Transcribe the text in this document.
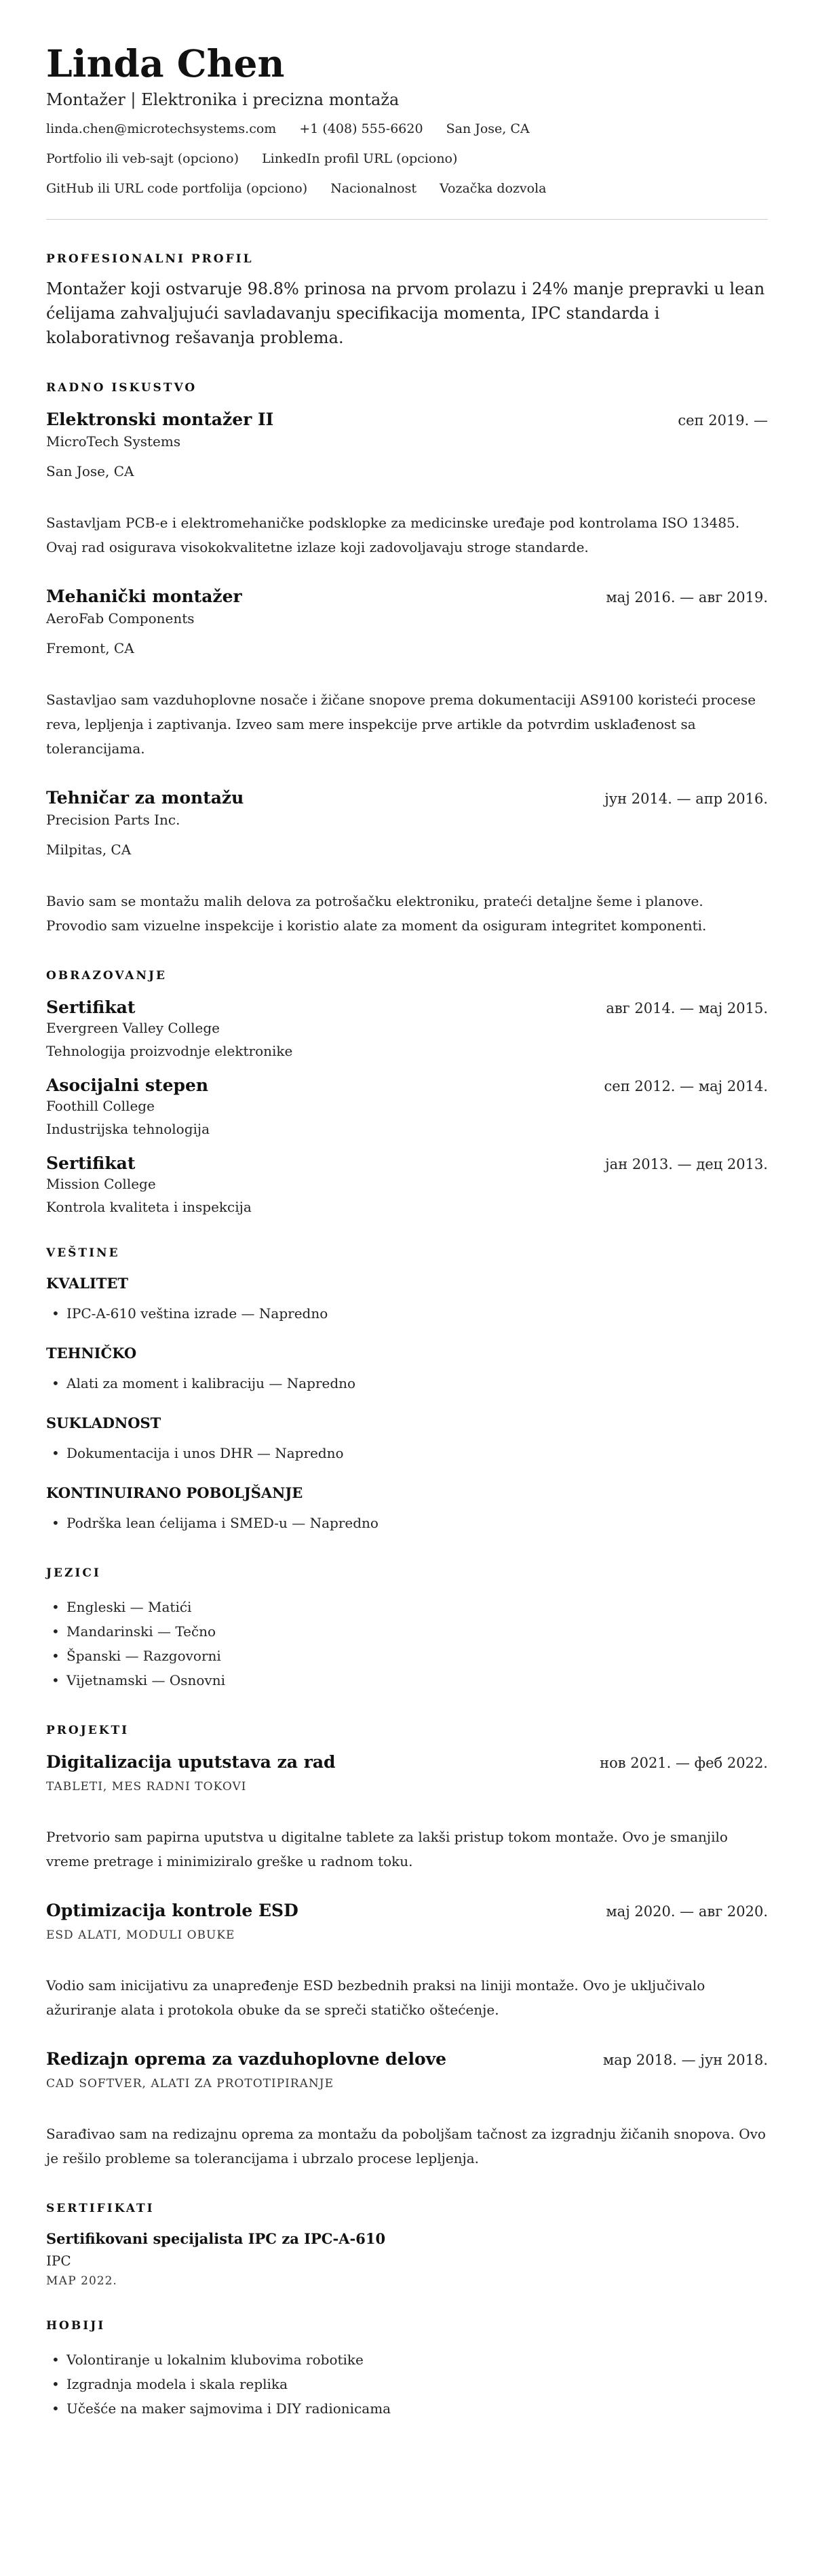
Linda Chen
Montažer | Elektronika i precizna montaža
linda.chen@microtechsystems.com +1 (408) 555-6620 San Jose, CA
Portfolio ili veb-sajt (opciono) LinkedIn profil URL (opciono)
GitHub ili URL code portfolija (opciono) Nacionalnost Vozačka dozvola
PROFESIONALNI PROFIL

Montažer koji ostvaruje 98.8% prinosa na prvom prolazu i 24% manje prepravki u lean ćelijama zahvaljujući savladavanju specifikacija momenta, IPC standarda i kolaborativnog rešavanja problema.

RADNO ISKUSTVO
Elektronski montažer II	сеп 2019. —
MicroTech Systems
San Jose, CA

Sastavljam PCB-e i elektromehaničke podsklopke za medicinske uređaje pod kontrolama ISO 13485. Ovaj rad osigurava visokokvalitetne izlaze koji zadovoljavaju stroge standarde.

Mehanički montažer	мај 2016. — авг 2019.
AeroFab Components
Fremont, CA

Sastavljao sam vazduhoplovne nosače i žičane snopove prema dokumentaciji AS9100 koristeći procese reva, lepljenja i zaptivanja. Izveo sam mere inspekcije prve artikle da potvrdim usklađenost sa tolerancijama.

Tehničar za montažu	јун 2014. — апр 2016.
Precision Parts Inc.
Milpitas, CA

Bavio sam se montažu malih delova za potrošačku elektroniku, prateći detaljne šeme i planove. Provodio sam vizuelne inspekcije i koristio alate za moment da osiguram integritet komponenti.

OBRAZOVANJE
Sertifikat	авг 2014. — мај 2015.
Evergreen Valley College
Tehnologija proizvodnje elektronike
Asocijalni stepen	сеп 2012. — мај 2014.
Foothill College
Industrijska tehnologija
Sertifikat	јан 2013. — дец 2013.
Mission College
Kontrola kvaliteta i inspekcija
VEŠTINE
KVALITET
• IPC-A-610 veština izrade — Napredno
TEHNIČKO
• Alati za moment i kalibraciju — Napredno
SUKLADNOST
• Dokumentacija i unos DHR — Napredno
KONTINUIRANO POBOLJŠANJE
• Podrška lean ćelijama i SMED-u — Napredno
JEZICI
• Engleski — Matići
• Mandarinski — Tečno
• Španski — Razgovorni
• Vijetnamski — Osnovni
PROJEKTI
Digitalizacija uputstava za rad	нов 2021. — феб 2022.
TABLETI, MES RADNI TOKOVI

Pretvorio sam papirna uputstva u digitalne tablete za lakši pristup tokom montaže. Ovo je smanjilo vreme pretrage i minimiziralo greške u radnom toku.

Optimizacija kontrole ESD	мај 2020. — авг 2020.
ESD ALATI, MODULI OBUKE

Vodio sam inicijativu za unapređenje ESD bezbednih praksi na liniji montaže. Ovo je uključivalo ažuriranje alata i protokola obuke da se spreči statičko oštećenje.

Redizajn oprema za vazduhoplovne delove	мар 2018. — јун 2018.
CAD SOFTVER, ALATI ZA PROTOTIPIRANJE

Sarađivao sam na redizajnu oprema za montažu da poboljšam tačnost za izgradnju žičanih snopova. Ovo je rešilo probleme sa tolerancijama i ubrzalo procese lepljenja.

SERTIFIKATI
Sertifikovani specijalista IPC za IPC-A-610
IPC
МАР 2022.
HOBIJI
• Volontiranje u lokalnim klubovima robotike
• Izgradnja modela i skala replika
• Učešće na maker sajmovima i DIY radionicama
